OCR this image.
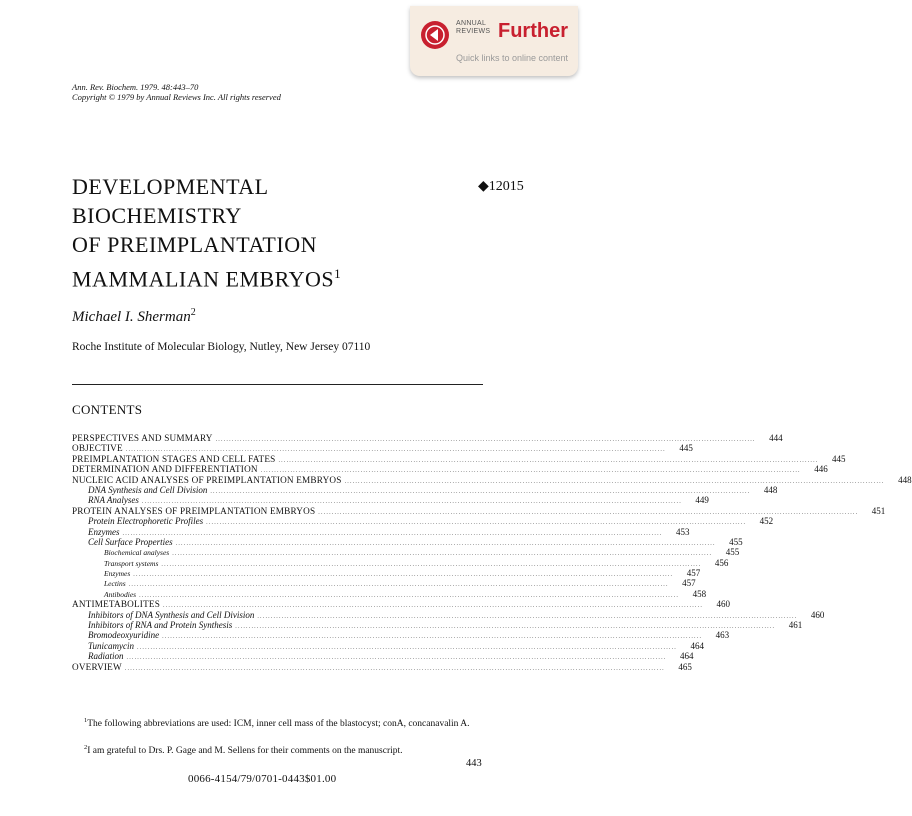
ANNUAL
REVIEWS Further
Quick links to online content
Ann. Rev. Biochem. 1979. 48:443–70
Copyright © 1979 by Annual Reviews Inc. All rights reserved
DEVELOPMENTAL
BIOCHEMISTRY
OF PREIMPLANTATION
MAMMALIAN EMBRYOS$^1$
◆12015
Michael I. Sherman$^2$
Roche Institute of Molecular Biology, Nutley, New Jersey 07110
CONTENTS
PERSPECTIVES AND SUMMARY ........................................................................................................................................................................................................	444
OBJECTIVE ........................................................................................................................................................................................................	445
PREIMPLANTATION STAGES AND CELL FATES ........................................................................................................................................................................................................	445
DETERMINATION AND DIFFERENTIATION ........................................................................................................................................................................................................	446
NUCLEIC ACID ANALYSES OF PREIMPLANTATION EMBRYOS ........................................................................................................................................................................................................	448
DNA Synthesis and Cell Division ........................................................................................................................................................................................................	448
RNA Analyses ........................................................................................................................................................................................................	449
PROTEIN ANALYSES OF PREIMPLANTATION EMBRYOS ........................................................................................................................................................................................................	451
Protein Electrophoretic Profiles ........................................................................................................................................................................................................	452
Enzymes ........................................................................................................................................................................................................	453
Cell Surface Properties ........................................................................................................................................................................................................	455
Biochemical analyses ........................................................................................................................................................................................................	455
Transport systems ........................................................................................................................................................................................................	456
Enzymes ........................................................................................................................................................................................................	457
Lectins ........................................................................................................................................................................................................	457
Antibodies ........................................................................................................................................................................................................	458
ANTIMETABOLITES ........................................................................................................................................................................................................	460
Inhibitors of DNA Synthesis and Cell Division ........................................................................................................................................................................................................	460
Inhibitors of RNA and Protein Synthesis ........................................................................................................................................................................................................	461
Bromodeoxyuridine ........................................................................................................................................................................................................	463
Tunicamycin ........................................................................................................................................................................................................	464
Radiation ........................................................................................................................................................................................................	464
OVERVIEW ........................................................................................................................................................................................................	465
$^1$The following abbreviations are used: ICM, inner cell mass of the blastocyst; conA, concanavalin A.
$^2$I am grateful to Drs. P. Gage and M. Sellens for their comments on the manuscript.
443
0066-4154/79/0701-0443$01.00
